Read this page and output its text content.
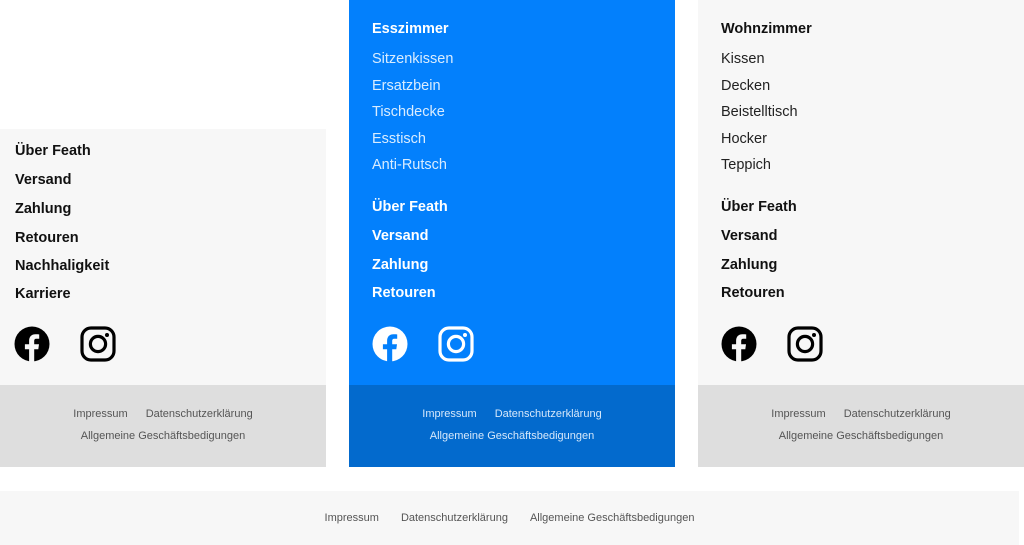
Über Feath

Versand

Zahlung

Retouren

Nachhaligkeit

Karriere

Impressum Datenschutzerklärung
Allgemeine Geschäftsbedigungen

Esszimmer

Sitzenkissen

Ersatzbein

Tischdecke

Esstisch

Anti-Rutsch

Über Feath

Versand

Zahlung

Retouren

Impressum Datenschutzerklärung
Allgemeine Geschäftsbedigungen

Wohnzimmer

Kissen

Decken

Beistelltisch

Hocker

Teppich

Über Feath

Versand

Zahlung

Retouren

Impressum Datenschutzerklärung
Allgemeine Geschäftsbedigungen
Impressum Datenschutzerklärung Allgemeine Geschäftsbedigungen
